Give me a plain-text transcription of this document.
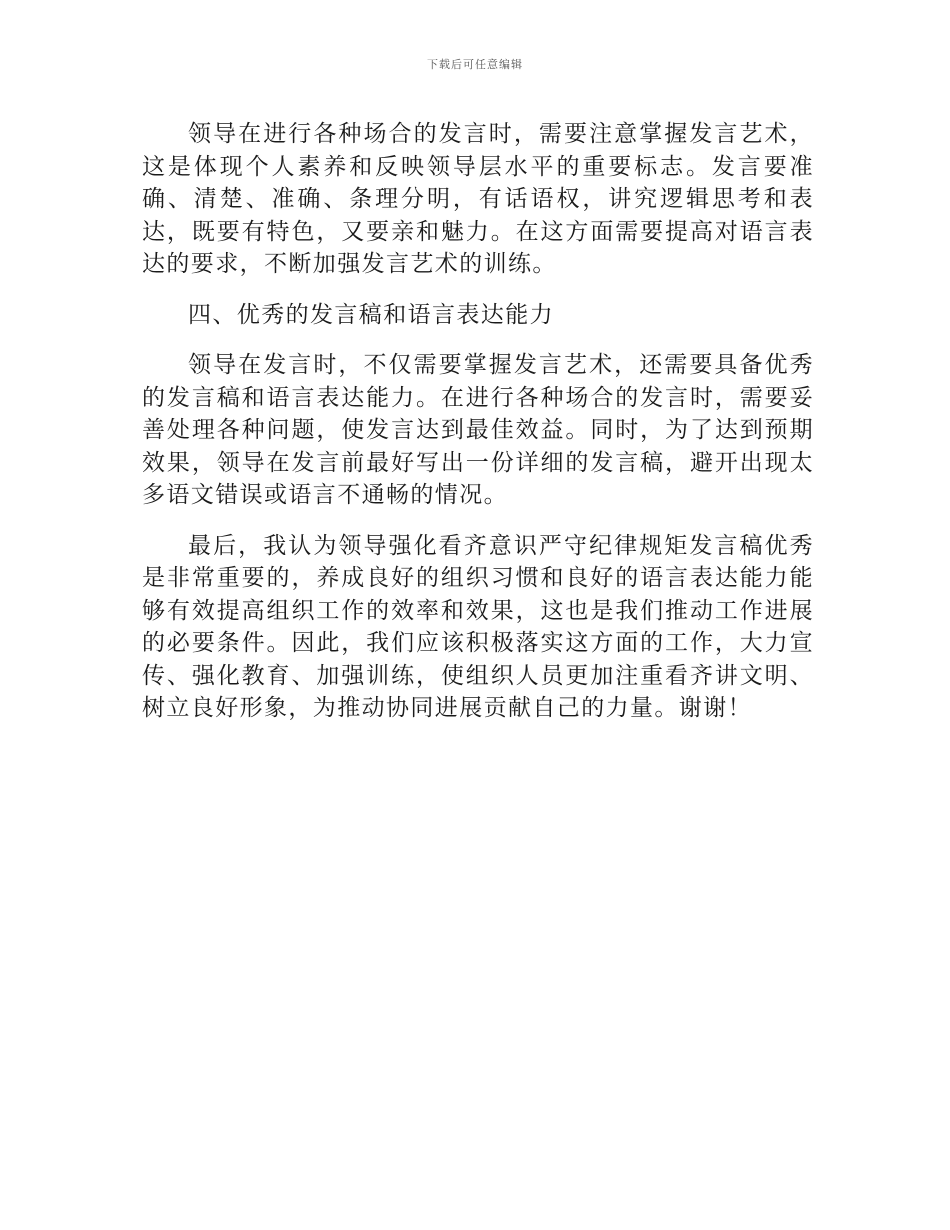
下载后可任意编辑

领导在进行各种场合的发言时，需要注意掌握发言艺术，这是体现个人素养和反映领导层水平的重要标志。发言要准确、清楚、准确、条理分明，有话语权，讲究逻辑思考和表达，既要有特色，又要亲和魅力。在这方面需要提高对语言表达的要求，不断加强发言艺术的训练。

四、优秀的发言稿和语言表达能力

领导在发言时，不仅需要掌握发言艺术，还需要具备优秀的发言稿和语言表达能力。在进行各种场合的发言时，需要妥善处理各种问题，使发言达到最佳效益。同时，为了达到预期效果，领导在发言前最好写出一份详细的发言稿，避开出现太多语文错误或语言不通畅的情况。

最后，我认为领导强化看齐意识严守纪律规矩发言稿优秀是非常重要的，养成良好的组织习惯和良好的语言表达能力能够有效提高组织工作的效率和效果，这也是我们推动工作进展的必要条件。因此，我们应该积极落实这方面的工作，大力宣传、强化教育、加强训练，使组织人员更加注重看齐讲文明、树立良好形象，为推动协同进展贡献自己的力量。谢谢！
